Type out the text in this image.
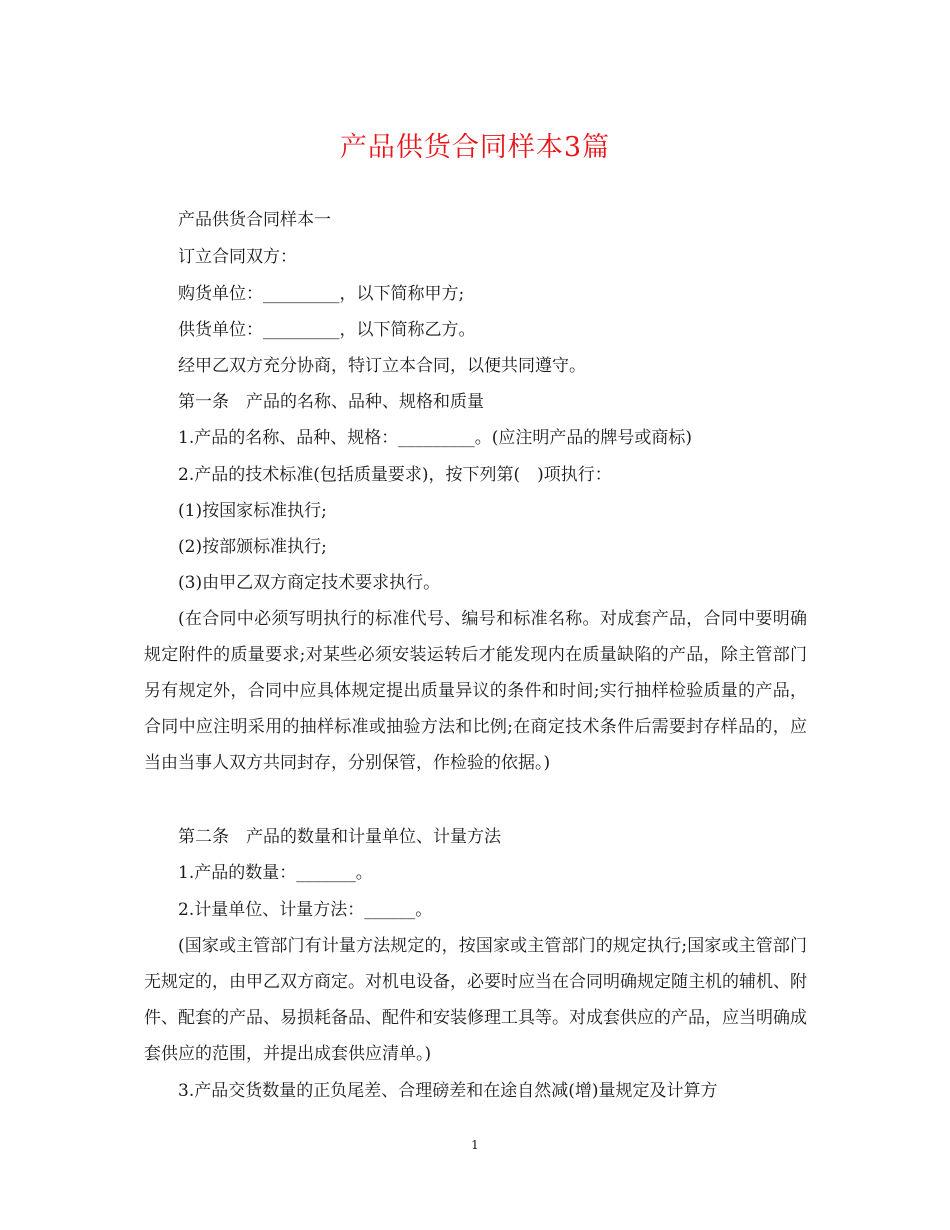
产品供货合同样本3篇
产品供货合同样本一
订立合同双方：
购货单位：_________，以下简称甲方;
供货单位：_________，以下简称乙方。
经甲乙双方充分协商，特订立本合同，以便共同遵守。
第一条　产品的名称、品种、规格和质量
1.产品的名称、品种、规格：_________。(应注明产品的牌号或商标)
2.产品的技术标准(包括质量要求)，按下列第(　)项执行：
(1)按国家标准执行;
(2)按部颁标准执行;
(3)由甲乙双方商定技术要求执行。
(在合同中必须写明执行的标准代号、编号和标准名称。对成套产品，合同中要明确规定附件的质量要求;对某些必须安装运转后才能发现内在质量缺陷的产品，除主管部门另有规定外，合同中应具体规定提出质量异议的条件和时间;实行抽样检验质量的产品，合同中应注明采用的抽样标准或抽验方法和比例;在商定技术条件后需要封存样品的，应当由当事人双方共同封存，分别保管，作检验的依据。)
第二条　产品的数量和计量单位、计量方法
1.产品的数量：_______。
2.计量单位、计量方法：______。
(国家或主管部门有计量方法规定的，按国家或主管部门的规定执行;国家或主管部门无规定的，由甲乙双方商定。对机电设备，必要时应当在合同明确规定随主机的辅机、附件、配套的产品、易损耗备品、配件和安装修理工具等。对成套供应的产品，应当明确成套供应的范围，并提出成套供应清单。)
3.产品交货数量的正负尾差、合理磅差和在途自然减(增)量规定及计算方
1
